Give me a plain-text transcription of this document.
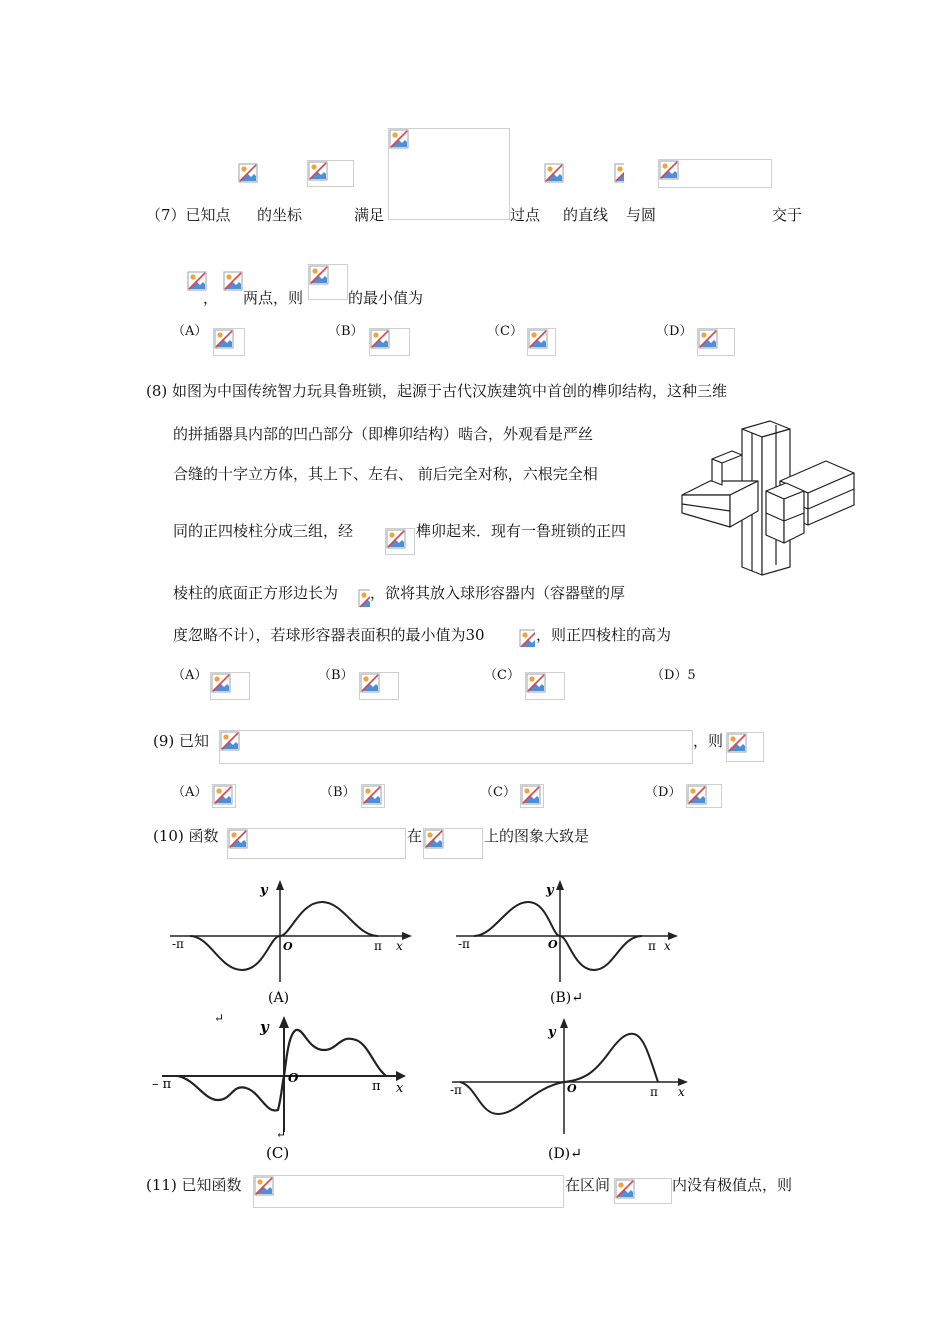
（7）已知点 的坐标	满足	过点 的直线 与圆	交于
， 两点，则	的最小值为
（A）	（B）	（C）	（D）
(8) 如图为中国传统智力玩具鲁班锁，起源于古代汉族建筑中首创的榫卯结构，这种三维
的拼插器具内部的凹凸部分（即榫卯结构）啮合，外观看是严丝
合缝的十字立方体，其上下、左右、 前后完全对称，六根完全相
同的正四棱柱分成三组，经	榫卯起来．现有一鲁班锁的正四
棱柱的底面正方形边长为 ，欲将其放入球形容器内（容器壁的厚
度忽略不计），若球形容器表面积的最小值为30	，则正四棱柱的高为
（A）	（B）	（C）	（D）5
(9) 已知	，则
（A）	（B）	（C）	（D）
(10) 函数	在	上的图象大致是
y
x
O
-π	π
(A)
y
x
O
-π	π
(B)↵
↵ y
x
O
– π	π
↵
(C)
y
x
O
-π	π
(D)↵
(11) 已知函数	在区间	内没有极值点，则
